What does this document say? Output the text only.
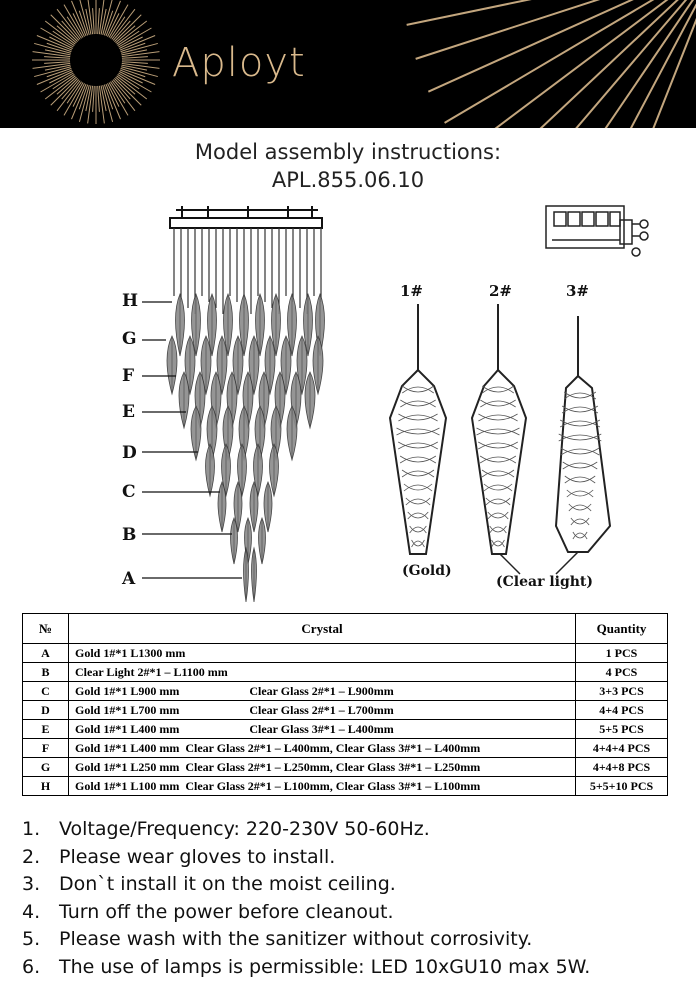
Aployt
Model assembly instructions:
APL.855.06.10
H
G
F
E
D
C
B
A
1#	2#	3#
(Gold)
(Clear light)
№	Crystal	Quantity
A	Gold 1#*1 L1300 mm	1 PCS
B	Clear Light 2#*1 – L1100 mm	4 PCS
C	Gold 1#*1 L900 mm Clear Glass 2#*1 – L900mm	3+3 PCS
D	Gold 1#*1 L700 mm Clear Glass 2#*1 – L700mm	4+4 PCS
E	Gold 1#*1 L400 mm Clear Glass 3#*1 – L400mm	5+5 PCS
F	Gold 1#*1 L400 mm Clear Glass 2#*1 – L400mm, Clear Glass 3#*1 – L400mm	4+4+4 PCS
G	Gold 1#*1 L250 mm Clear Glass 2#*1 – L250mm, Clear Glass 3#*1 – L250mm	4+4+8 PCS
H	Gold 1#*1 L100 mm Clear Glass 2#*1 – L100mm, Clear Glass 3#*1 – L100mm	5+5+10 PCS
1. Voltage/Frequency: 220-230V 50-60Hz.
2. Please wear gloves to install.
3. Don`t install it on the moist ceiling.
4. Turn off the power before cleanout.
5. Please wash with the sanitizer without corrosivity.
6. The use of lamps is permissible: LED 10xGU10 max 5W.
